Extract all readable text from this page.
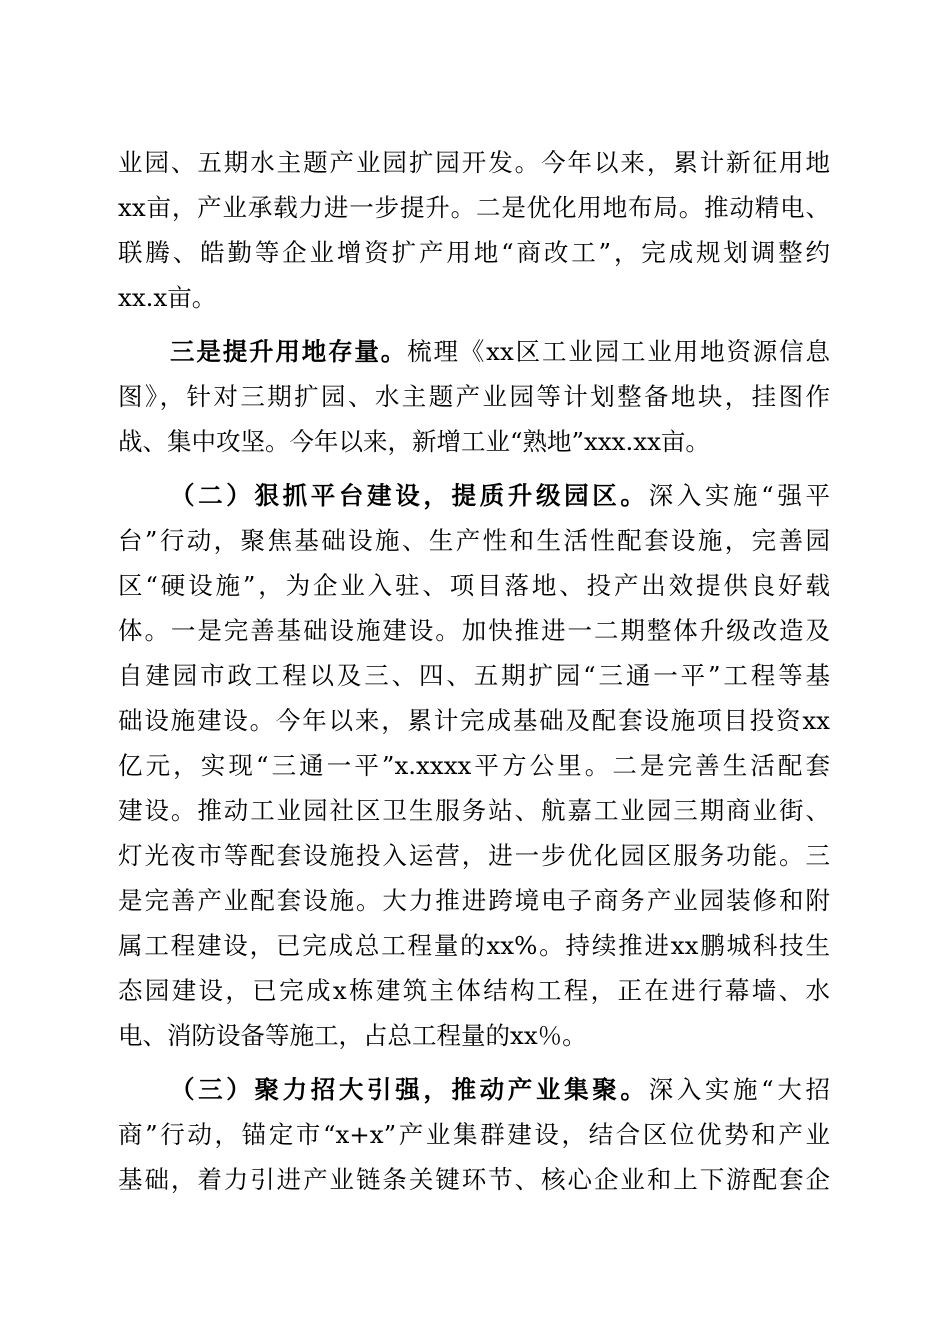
业园、五期水主题产业园扩园开发。今年以来，累计新征用地
xx亩，产业承载力进一步提升。二是优化用地布局。推动精电、
联腾、皓勤等企业增资扩产用地“商改工”，完成规划调整约
xx.x亩。
三是提升用地存量。梳理《xx区工业园工业用地资源信息
图》，针对三期扩园、水主题产业园等计划整备地块，挂图作
战、集中攻坚。今年以来，新增工业“熟地”xxx.xx亩。
（二）狠抓平台建设，提质升级园区。深入实施“强平
台”行动，聚焦基础设施、生产性和生活性配套设施，完善园
区“硬设施”，为企业入驻、项目落地、投产出效提供良好载
体。一是完善基础设施建设。加快推进一二期整体升级改造及
自建园市政工程以及三、四、五期扩园“三通一平”工程等基
础设施建设。今年以来，累计完成基础及配套设施项目投资xx
亿元，实现“三通一平”x.xxxx平方公里。二是完善生活配套
建设。推动工业园社区卫生服务站、航嘉工业园三期商业街、
灯光夜市等配套设施投入运营，进一步优化园区服务功能。三
是完善产业配套设施。大力推进跨境电子商务产业园装修和附
属工程建设，已完成总工程量的xx%。持续推进xx鹏城科技生
态园建设，已完成x栋建筑主体结构工程，正在进行幕墙、水
电、消防设备等施工，占总工程量的xx％。
（三）聚力招大引强，推动产业集聚。深入实施“大招
商”行动，锚定市“x+x”产业集群建设，结合区位优势和产业
基础，着力引进产业链条关键环节、核心企业和上下游配套企
